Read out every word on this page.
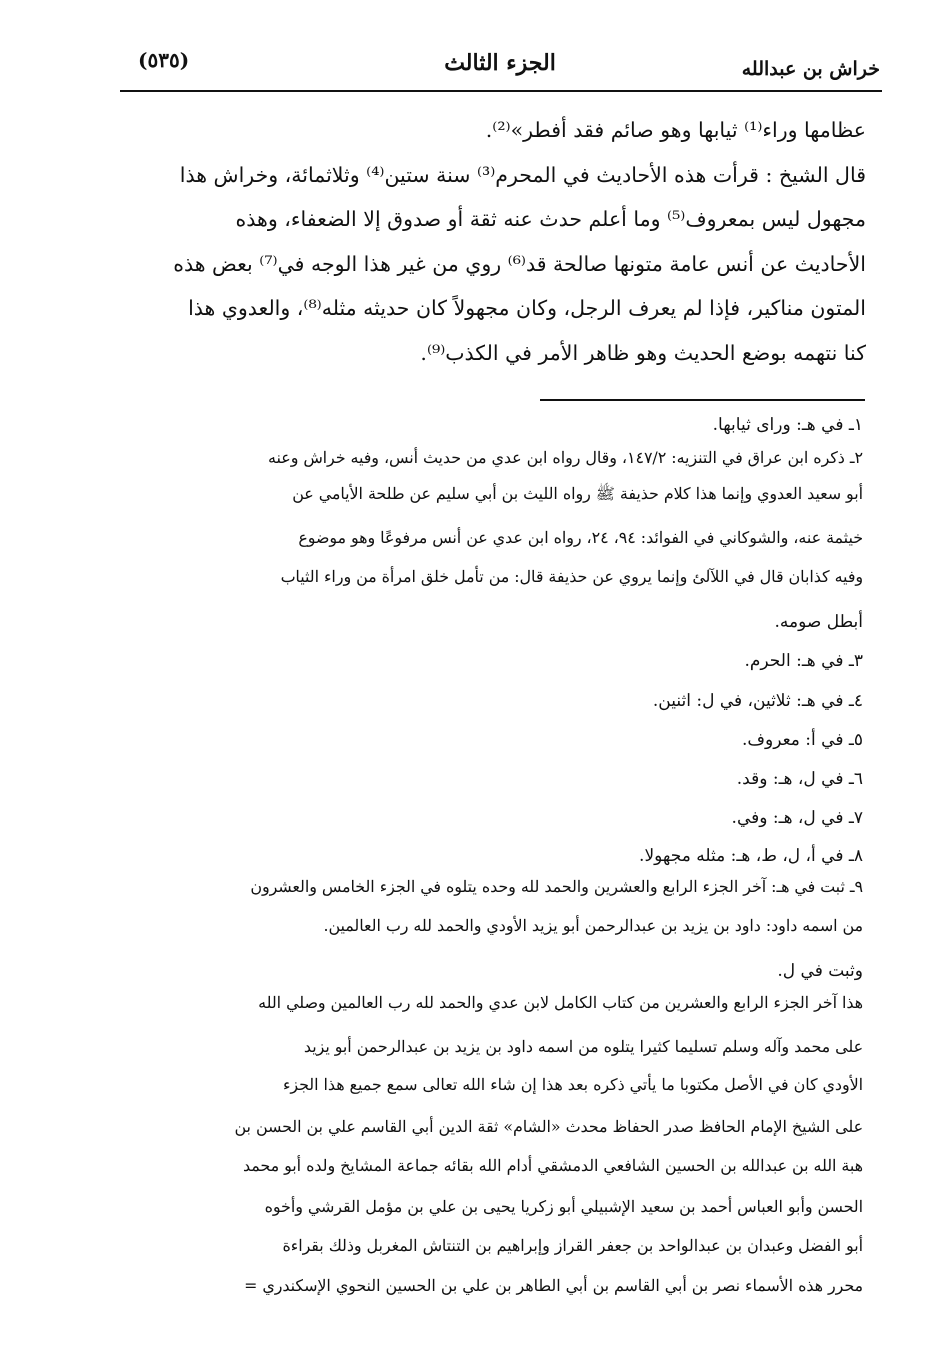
خراش بن عبدالله
الجزء الثالث
(٥٣٥)

عظامها وراء⁽¹⁾ ثيابها وهو صائم فقد أفطر»⁽²⁾.

قال الشيخ : قرأت هذه الأحاديث في المحرم⁽³⁾ سنة ستين⁽⁴⁾ وثلاثمائة، وخراش هذا

مجهول ليس بمعروف⁽⁵⁾ وما أعلم حدث عنه ثقة أو صدوق إلا الضعفاء، وهذه

الأحاديث عن أنس عامة متونها صالحة قد⁽⁶⁾ روي من غير هذا الوجه في⁽⁷⁾ بعض هذه

المتون مناكير، فإذا لم يعرف الرجل، وكان مجهولاً كان حديثه مثله⁽⁸⁾، والعدوي هذا

كنا نتهمه بوضع الحديث وهو ظاهر الأمر في الكذب⁽⁹⁾.

١ـ في هـ: وراى ثيابها.
٢ـ ذكره ابن عراق في التنزيه: ١٤٧/٢، وقال رواه ابن عدي من حديث أنس، وفيه خراش وعنه
أبو سعيد العدوي وإنما هذا كلام حذيفة ﷺ رواه الليث بن أبي سليم عن طلحة الأيامي عن
خيثمة عنه، والشوكاني في الفوائد: ٩٤، ٢٤، رواه ابن عدي عن أنس مرفوعًا وهو موضوع
وفيه كذابان قال في اللآلئ وإنما يروي عن حذيفة قال: من تأمل خلق امرأة من وراء الثياب
أبطل صومه.
٣ـ في هـ: الحرم.
٤ـ في هـ: ثلاثين، في ل: اثنين.
٥ـ في أ: معروف.
٦ـ في ل، هـ: وقد.
٧ـ في ل، هـ: وفي.
٨ـ في أ، ل، ط، هـ: مثله مجهولا.
٩ـ ثبت في هـ: آخر الجزء الرابع والعشرين والحمد لله وحده يتلوه في الجزء الخامس والعشرون
من اسمه داود: داود بن يزيد بن عبدالرحمن أبو يزيد الأودي والحمد لله رب العالمين.
وثبت في ل.
هذا آخر الجزء الرابع والعشرين من كتاب الكامل لابن عدي والحمد لله رب العالمين وصلي الله
على محمد وآله وسلم تسليما كثيرا يتلوه من اسمه داود بن يزيد بن عبدالرحمن أبو يزيد
الأودي كان في الأصل مكتوبا ما يأتي ذكره بعد هذا إن شاء الله تعالى سمع جميع هذا الجزء
على الشيخ الإمام الحافظ صدر الحفاظ محدث «الشام» ثقة الدين أبي القاسم علي بن الحسن بن
هبة الله بن عبدالله بن الحسين الشافعي الدمشقي أدام الله بقائه جماعة المشايخ ولده أبو محمد
الحسن وأبو العباس أحمد بن سعيد الإشبيلي أبو زكريا يحيى بن علي بن مؤمل القرشي وأخوه
أبو الفضل وعبدان بن عبدالواحد بن جعفر القراز وإبراهيم بن التنتاش المغربل وذلك بقراءة
محرر هذه الأسماء نصر بن أبي القاسم بن أبي الطاهر بن علي بن الحسين النحوي الإسكندري =
